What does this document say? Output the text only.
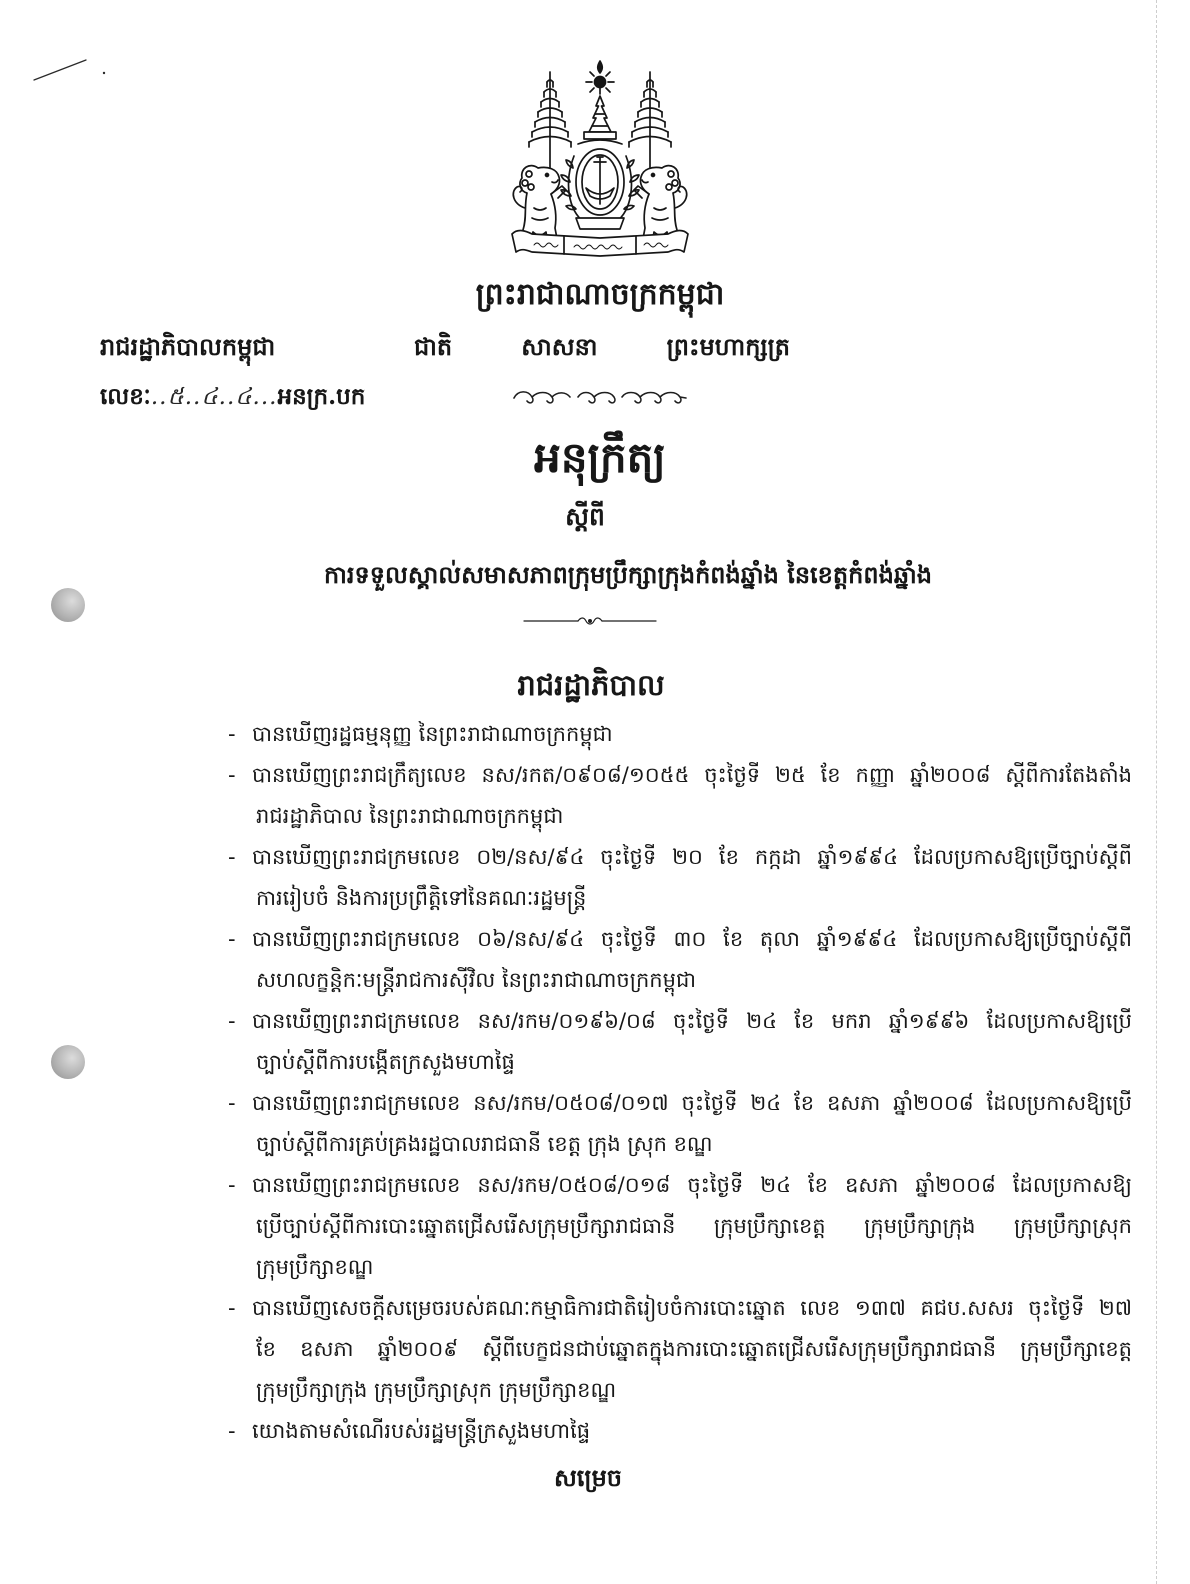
ព្រះរាជាណាចក្រកម្ពុជា
រាជរដ្ឋាភិបាលកម្ពុជា	ជាតិ	សាសនា	ព្រះមហាក្សត្រ
លេខៈ..៥..៤..៤...អនក្រ.បក
អនុក្រឹត្យ
ស្តីពី
ការទទួលស្គាល់សមាសភាពក្រុមប្រឹក្សាក្រុងកំពង់ឆ្នាំង នៃខេត្តកំពង់ឆ្នាំង
រាជរដ្ឋាភិបាល
- បានឃើញរដ្ឋធម្មនុញ្ញ នៃព្រះរាជាណាចក្រកម្ពុជា
- បានឃើញព្រះរាជក្រឹត្យលេខ នស/រកត/០៩០៨/១០៥៥ ចុះថ្ងៃទី ២៥ ខែ កញ្ញា ឆ្នាំ២០០៨ ស្តីពីការតែងតាំង
រាជរដ្ឋាភិបាល នៃព្រះរាជាណាចក្រកម្ពុជា
- បានឃើញព្រះរាជក្រមលេខ ០២/នស/៩៤ ចុះថ្ងៃទី ២០ ខែ កក្កដា ឆ្នាំ១៩៩៤ ដែលប្រកាសឱ្យប្រើច្បាប់ស្តីពី
ការរៀបចំ និងការប្រព្រឹត្តិទៅនៃគណៈរដ្ឋមន្ត្រី
- បានឃើញព្រះរាជក្រមលេខ ០៦/នស/៩៤ ចុះថ្ងៃទី ៣០ ខែ តុលា ឆ្នាំ១៩៩៤ ដែលប្រកាសឱ្យប្រើច្បាប់ស្តីពី
សហលក្ខន្តិកៈមន្ត្រីរាជការស៊ីវិល នៃព្រះរាជាណាចក្រកម្ពុជា
- បានឃើញព្រះរាជក្រមលេខ នស/រកម/០១៩៦/០៨ ចុះថ្ងៃទី ២៤ ខែ មករា ឆ្នាំ១៩៩៦ ដែលប្រកាសឱ្យប្រើ
ច្បាប់ស្តីពីការបង្កើតក្រសួងមហាផ្ទៃ
- បានឃើញព្រះរាជក្រមលេខ នស/រកម/០៥០៨/០១៧ ចុះថ្ងៃទី ២៤ ខែ ឧសភា ឆ្នាំ២០០៨ ដែលប្រកាសឱ្យប្រើ
ច្បាប់ស្តីពីការគ្រប់គ្រងរដ្ឋបាលរាជធានី ខេត្ត ក្រុង ស្រុក ខណ្ឌ
- បានឃើញព្រះរាជក្រមលេខ នស/រកម/០៥០៨/០១៨ ចុះថ្ងៃទី ២៤ ខែ ឧសភា ឆ្នាំ២០០៨ ដែលប្រកាសឱ្យ
ប្រើច្បាប់ស្តីពីការបោះឆ្នោតជ្រើសរើសក្រុមប្រឹក្សារាជធានី ក្រុមប្រឹក្សាខេត្ត ក្រុមប្រឹក្សាក្រុង ក្រុមប្រឹក្សាស្រុក
ក្រុមប្រឹក្សាខណ្ឌ
- បានឃើញសេចក្តីសម្រេចរបស់គណៈកម្មាធិការជាតិរៀបចំការបោះឆ្នោត លេខ ១៣៧ គជប.សសរ ចុះថ្ងៃទី ២៧
ខែ ឧសភា ឆ្នាំ២០០៩ ស្តីពីបេក្ខជនជាប់ឆ្នោតក្នុងការបោះឆ្នោតជ្រើសរើសក្រុមប្រឹក្សារាជធានី ក្រុមប្រឹក្សាខេត្ត
ក្រុមប្រឹក្សាក្រុង ក្រុមប្រឹក្សាស្រុក ក្រុមប្រឹក្សាខណ្ឌ
- យោងតាមសំណើរបស់រដ្ឋមន្ត្រីក្រសួងមហាផ្ទៃ
សម្រេច
